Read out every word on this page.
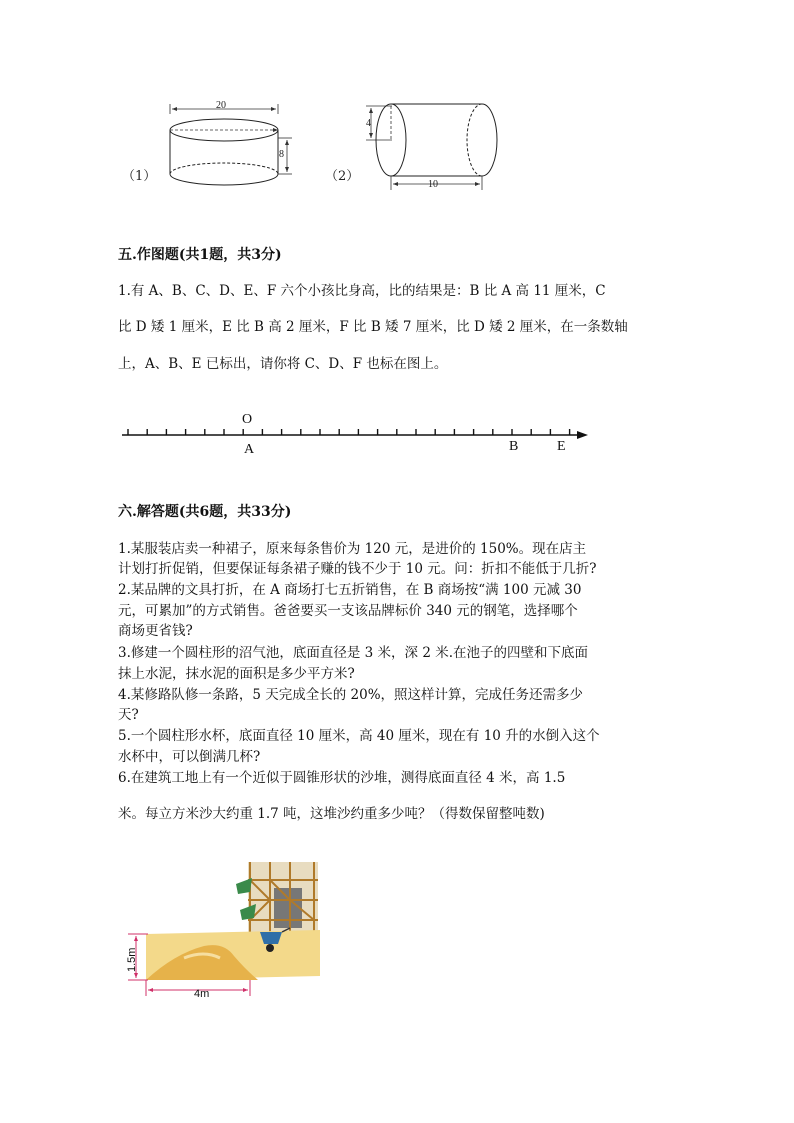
（1）
20
8
（2）
4
10
五.作图题(共1题，共3分)
1.有 A、B、C、D、E、F 六个小孩比身高，比的结果是：B 比 A 高 11 厘米，C
比 D 矮 1 厘米，E 比 B 高 2 厘米，F 比 B 矮 7 厘米，比 D 矮 2 厘米，在一条数轴
上，A、B、E 已标出，请你将 C、D、F 也标在图上。
O
A	B	E
六.解答题(共6题，共33分)
1.某服装店卖一种裙子，原来每条售价为 120 元，是进价的 150%。现在店主
计划打折促销，但要保证每条裙子赚的钱不少于 10 元。问：折扣不能低于几折?
2.某品牌的文具打折，在 A 商场打七五折销售，在 B 商场按“满 100 元减 30
元，可累加”的方式销售。爸爸要买一支该品牌标价 340 元的钢笔，选择哪个
商场更省钱?
3.修建一个圆柱形的沼气池，底面直径是 3 米，深 2 米.在池子的四壁和下底面
抹上水泥，抹水泥的面积是多少平方米?
4.某修路队修一条路，5 天完成全长的 20%，照这样计算，完成任务还需多少
天?
5.一个圆柱形水杯，底面直径 10 厘米，高 40 厘米，现在有 10 升的水倒入这个
水杯中，可以倒满几杯?
6.在建筑工地上有一个近似于圆锥形状的沙堆，测得底面直径 4 米，高 1.5
米。每立方米沙大约重 1.7 吨，这堆沙约重多少吨？（得数保留整吨数)
1.5m
4m
